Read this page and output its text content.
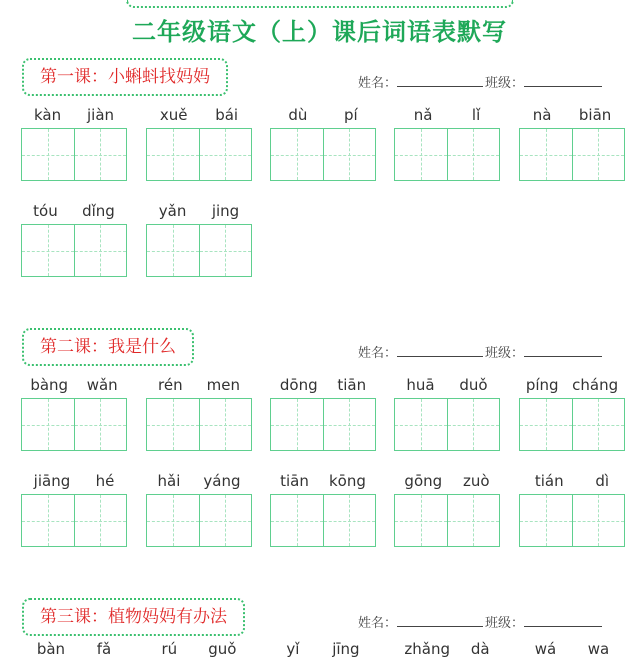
二年级语文（上）课后词语表默写
第一课：小蝌蚪找妈妈	姓名：	班级：
kàn jiàn	xuě bái	dù pí	nǎ	lǐ	nà biān
tóu dǐng	yǎn jing
第二课：我是什么	姓名：	班级：
bàng wǎn	rén men	dōng tiān	huā duǒ	píng cháng
jiāng hé	hǎi yáng	tiān kōng	gōng zuò	tián dì
第三课：植物妈妈有办法	姓名：	班级：
bàn fǎ	rú guǒ	yǐ jīng	zhǎng dà	wá wa
